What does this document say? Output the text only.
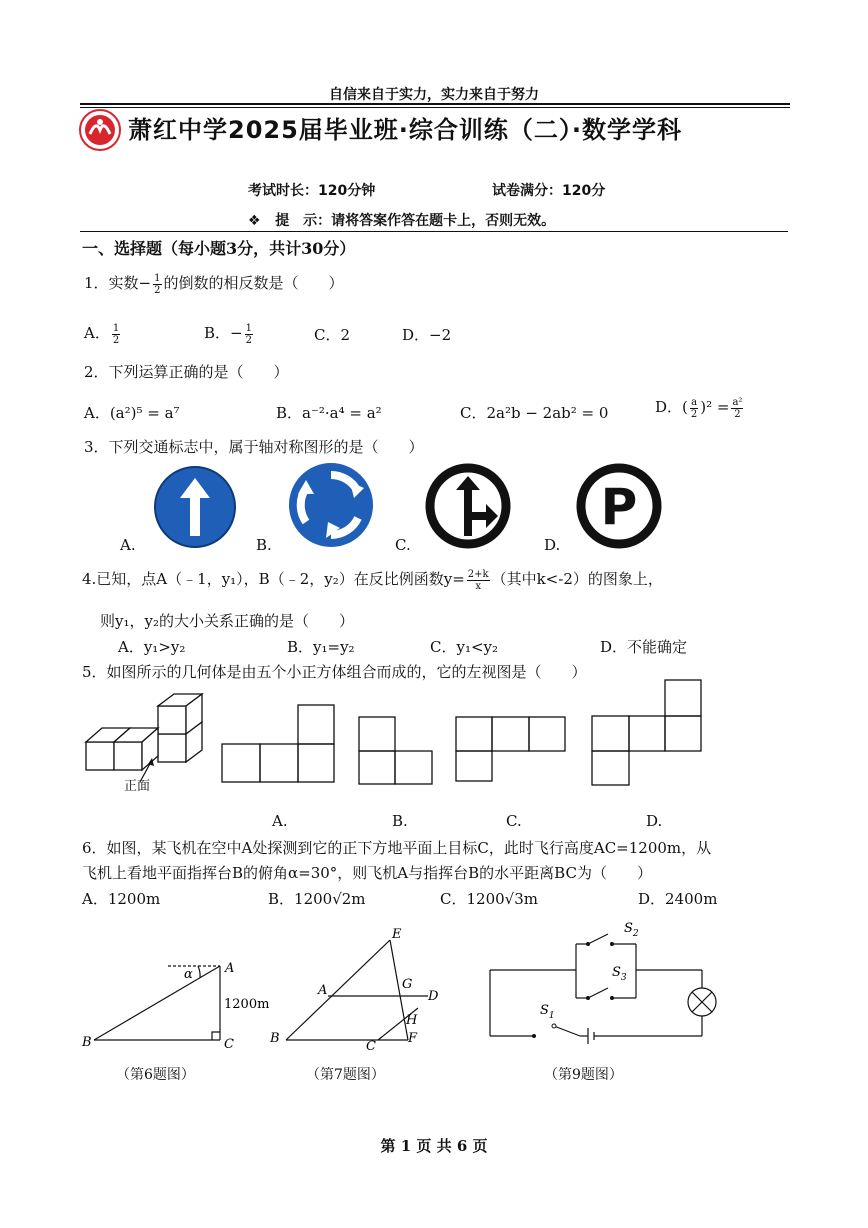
自信来自于实力，实力来自于努力
萧红中学2025届毕业班·综合训练（二）·数学学科
考试时长：120分钟	试卷满分：120分
❖ 提　示：请将答案作答在题卡上，否则无效。
一、选择题（每小题3分，共计30分）
1．实数− $\frac{1}{2}$ 的倒数的相反数是（　　）
A． $\frac{1}{2}$	B．− $\frac{1}{2}$	C．2	D．−2
2．下列运算正确的是（　　）
A．(a²)⁵ = a⁷	B．a⁻²·a⁴ = a²	C．2a²b − 2ab² = 0	D．( $\frac{a}{2} )^2 = \frac{\text{a²}}{2}$
3．下列交通标志中，属于轴对称图形的是（　　）
P
A.	B.	C.	D.
4.已知，点A（﹣1，y₁），B（﹣2，y₂）在反比例函数$y= \frac{2+k}{x}$ （其中k<-2）的图象上，
则y₁，y₂的大小关系正确的是（　　）
A．y₁>y₂	B．y₁=y₂	C．y₁<y₂	D．不能确定
5．如图所示的几何体是由五个小正方体组合而成的，它的左视图是（　　）
正面
A.	B.	C.	D.
6．如图，某飞机在空中A处探测到它的正下方地平面上目标C，此时飞行高度AC=1200m，从
飞机上看地平面指挥台B的俯角α=30°，则飞机A与指挥台B的水平距离BC为（　　）
A．1200m	B．1200√2m	C．1200√3m	D．2400m
α A
B	C
1200m
（第6题图）
E
A	G
D
H
B
C
F
（第7题图）
$S_2$
$S_3$
$S_1$
（第9题图）
第 1 页 共 6 页
